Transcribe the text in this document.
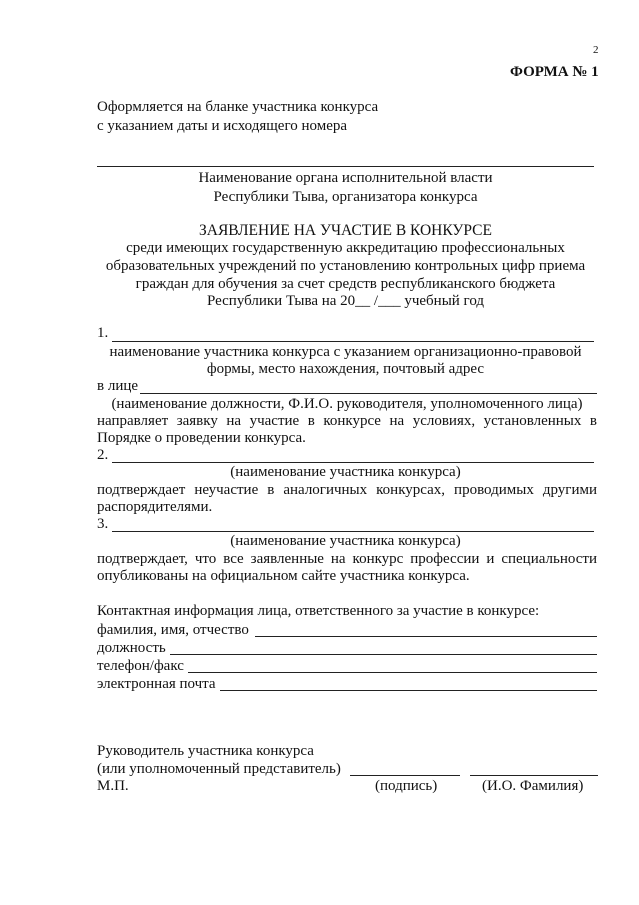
2
ФОРМА № 1
Оформляется на бланке участника конкурса
с указанием даты и исходящего номера
Наименование органа исполнительной власти
Республики Тыва, организатора конкурса
ЗАЯВЛЕНИЕ НА УЧАСТИЕ В КОНКУРСЕ
среди имеющих государственную аккредитацию профессиональных
образовательных учреждений по установлению контрольных цифр приема
граждан для обучения за счет средств республиканского бюджета
Республики Тыва на 20__ /___ учебный год
1.
наименование участника конкурса с указанием организационно-правовой
формы, место нахождения, почтовый адрес
в лице
(наименование должности, Ф.И.О. руководителя, уполномоченного лица)
направляет заявку на участие в конкурсе на условиях, установленных в
Порядке о проведении конкурса.
2.
(наименование участника конкурса)
подтверждает неучастие в аналогичных конкурсах, проводимых другими
распорядителями.
3.
(наименование участника конкурса)
подтверждает, что все заявленные на конкурс профессии и специальности
опубликованы на официальном сайте участника конкурса.
Контактная информация лица, ответственного за участие в конкурсе:
фамилия, имя, отчество
должность
телефон/факс
электронная почта
Руководитель участника конкурса
(или уполномоченный представитель)
М.П.	(подпись)	(И.О. Фамилия)
